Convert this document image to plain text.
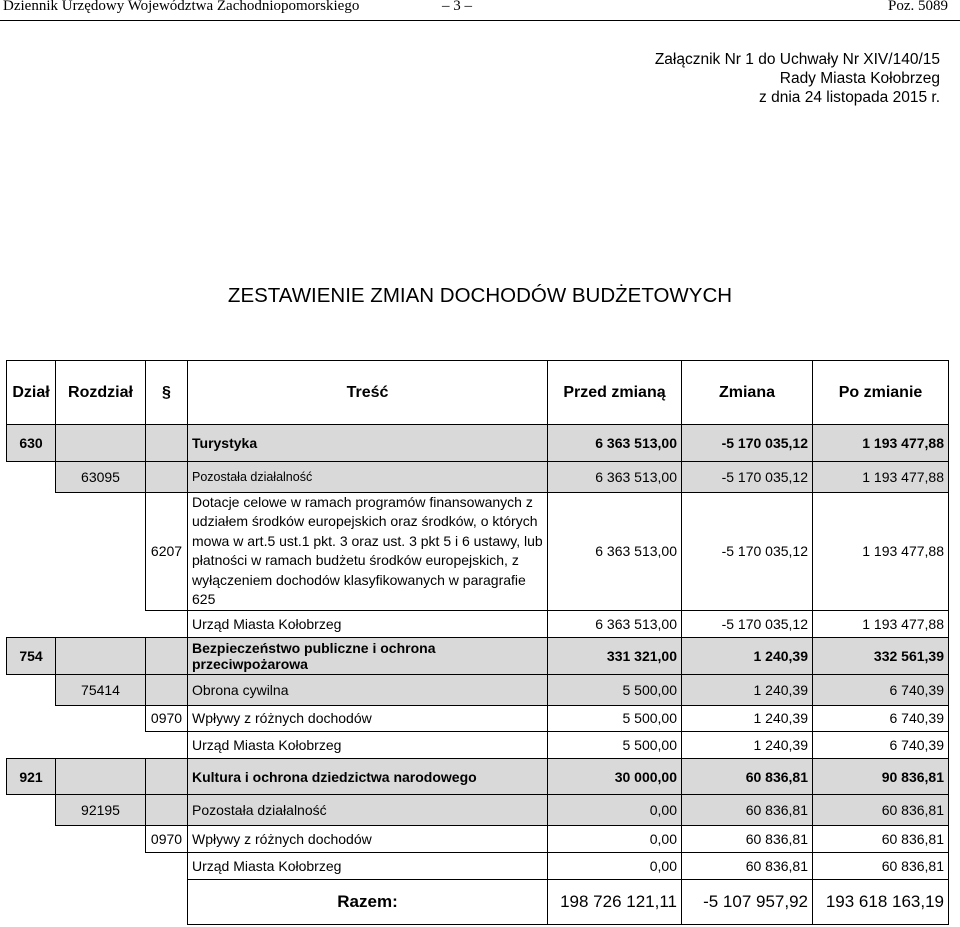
Dziennik Urzędowy Województwa Zachodniopomorskiego	– 3 –	Poz. 5089
Załącznik Nr 1 do Uchwały Nr XIV/140/15
Rady Miasta Kołobrzeg
z dnia 24 listopada 2015 r.
ZESTAWIENIE ZMIAN DOCHODÓW BUDŻETOWYCH
Dział	Rozdział	§	Treść	Przed zmianą	Zmiana	Po zmianie
630			Turystyka	6 363 513,00	-5 170 035,12	1 193 477,88
	63095		Pozostała działalność	6 363 513,00	-5 170 035,12	1 193 477,88
		6207	Dotacje celowe w ramach programów finansowanych z udziałem środków europejskich oraz środków, o których mowa w art.5 ust.1 pkt. 3 oraz ust. 3 pkt 5 i 6 ustawy, lub płatności w ramach budżetu środków europejskich, z wyłączeniem dochodów klasyfikowanych w paragrafie 625	6 363 513,00	-5 170 035,12	1 193 477,88
			Urząd Miasta Kołobrzeg	6 363 513,00	-5 170 035,12	1 193 477,88
754			Bezpieczeństwo publiczne i ochrona przeciwpożarowa	331 321,00	1 240,39	332 561,39
	75414		Obrona cywilna	5 500,00	1 240,39	6 740,39
		0970	Wpływy z różnych dochodów	5 500,00	1 240,39	6 740,39
			Urząd Miasta Kołobrzeg	5 500,00	1 240,39	6 740,39
921			Kultura i ochrona dziedzictwa narodowego	30 000,00	60 836,81	90 836,81
	92195		Pozostała działalność	0,00	60 836,81	60 836,81
		0970	Wpływy z różnych dochodów	0,00	60 836,81	60 836,81
			Urząd Miasta Kołobrzeg	0,00	60 836,81	60 836,81
			Razem:	198 726 121,11	-5 107 957,92	193 618 163,19
